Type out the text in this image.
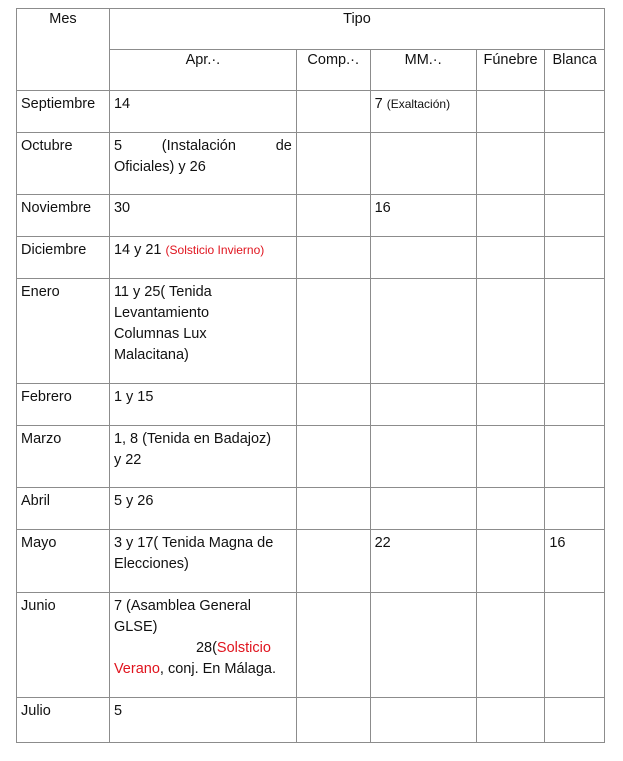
Mes	Tipo				
	Apr.·.	Comp.·.	MM.·.	Fúnebre	Blanca

Septiembre	14		7 (Exaltación)		

Octubre	5 (Instalación de
Oficiales) y 26				

Noviembre	30		16		

Diciembre	14 y 21 (Solsticio Invierno)				

Enero	11 y 25( Tenida
Levantamiento
Columnas Lux
Malacitana)				

Febrero	1 y 15				

Marzo	1, 8 (Tenida en Badajoz)
y 22				

Abril	5 y 26				

Mayo	3 y 17( Tenida Magna de
Elecciones)		22		16

Junio	7 (Asamblea General
GLSE)
28(Solsticio
Verano, conj. En Málaga.				

Julio	5				
